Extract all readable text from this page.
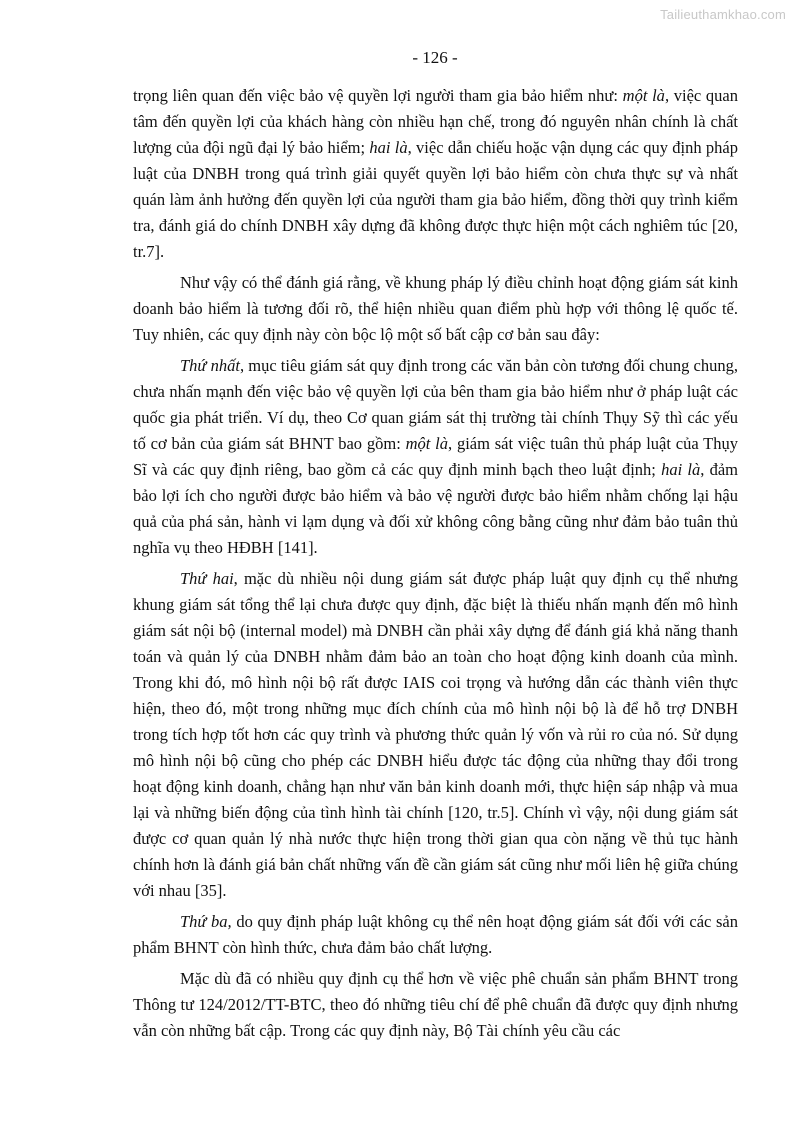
Tailieuthamkhao.com
- 126 -

trọng liên quan đến việc bảo vệ quyền lợi người tham gia bảo hiểm như: một là, việc quan tâm đến quyền lợi của khách hàng còn nhiều hạn chế, trong đó nguyên nhân chính là chất lượng của đội ngũ đại lý bảo hiểm; hai là, việc dẫn chiếu hoặc vận dụng các quy định pháp luật của DNBH trong quá trình giải quyết quyền lợi bảo hiểm còn chưa thực sự và nhất quán làm ảnh hưởng đến quyền lợi của người tham gia bảo hiểm, đồng thời quy trình kiểm tra, đánh giá do chính DNBH xây dựng đã không được thực hiện một cách nghiêm túc [20, tr.7].

Như vậy có thể đánh giá rằng, về khung pháp lý điều chỉnh hoạt động giám sát kinh doanh bảo hiểm là tương đối rõ, thể hiện nhiều quan điểm phù hợp với thông lệ quốc tế. Tuy nhiên, các quy định này còn bộc lộ một số bất cập cơ bản sau đây:

Thứ nhất, mục tiêu giám sát quy định trong các văn bản còn tương đối chung chung, chưa nhấn mạnh đến việc bảo vệ quyền lợi của bên tham gia bảo hiểm như ở pháp luật các quốc gia phát triển. Ví dụ, theo Cơ quan giám sát thị trường tài chính Thụy Sỹ thì các yếu tố cơ bản của giám sát BHNT bao gồm: một là, giám sát việc tuân thủ pháp luật của Thụy Sĩ và các quy định riêng, bao gồm cả các quy định minh bạch theo luật định; hai là, đảm bảo lợi ích cho người được bảo hiểm và bảo vệ người được bảo hiểm nhằm chống lại hậu quả của phá sản, hành vi lạm dụng và đối xử không công bằng cũng như đảm bảo tuân thủ nghĩa vụ theo HĐBH [141].

Thứ hai, mặc dù nhiều nội dung giám sát được pháp luật quy định cụ thể nhưng khung giám sát tổng thể lại chưa được quy định, đặc biệt là thiếu nhấn mạnh đến mô hình giám sát nội bộ (internal model) mà DNBH cần phải xây dựng để đánh giá khả năng thanh toán và quản lý của DNBH nhằm đảm bảo an toàn cho hoạt động kinh doanh của mình. Trong khi đó, mô hình nội bộ rất được IAIS coi trọng và hướng dẫn các thành viên thực hiện, theo đó, một trong những mục đích chính của mô hình nội bộ là để hỗ trợ DNBH trong tích hợp tốt hơn các quy trình và phương thức quản lý vốn và rủi ro của nó. Sử dụng mô hình nội bộ cũng cho phép các DNBH hiểu được tác động của những thay đổi trong hoạt động kinh doanh, chẳng hạn như văn bản kinh doanh mới, thực hiện sáp nhập và mua lại và những biến động của tình hình tài chính [120, tr.5]. Chính vì vậy, nội dung giám sát được cơ quan quản lý nhà nước thực hiện trong thời gian qua còn nặng về thủ tục hành chính hơn là đánh giá bản chất những vấn đề cần giám sát cũng như mối liên hệ giữa chúng với nhau [35].

Thứ ba, do quy định pháp luật không cụ thể nên hoạt động giám sát đối với các sản phẩm BHNT còn hình thức, chưa đảm bảo chất lượng.

Mặc dù đã có nhiều quy định cụ thể hơn về việc phê chuẩn sản phẩm BHNT trong Thông tư 124/2012/TT-BTC, theo đó những tiêu chí để phê chuẩn đã được quy định nhưng vẫn còn những bất cập. Trong các quy định này, Bộ Tài chính yêu cầu các
